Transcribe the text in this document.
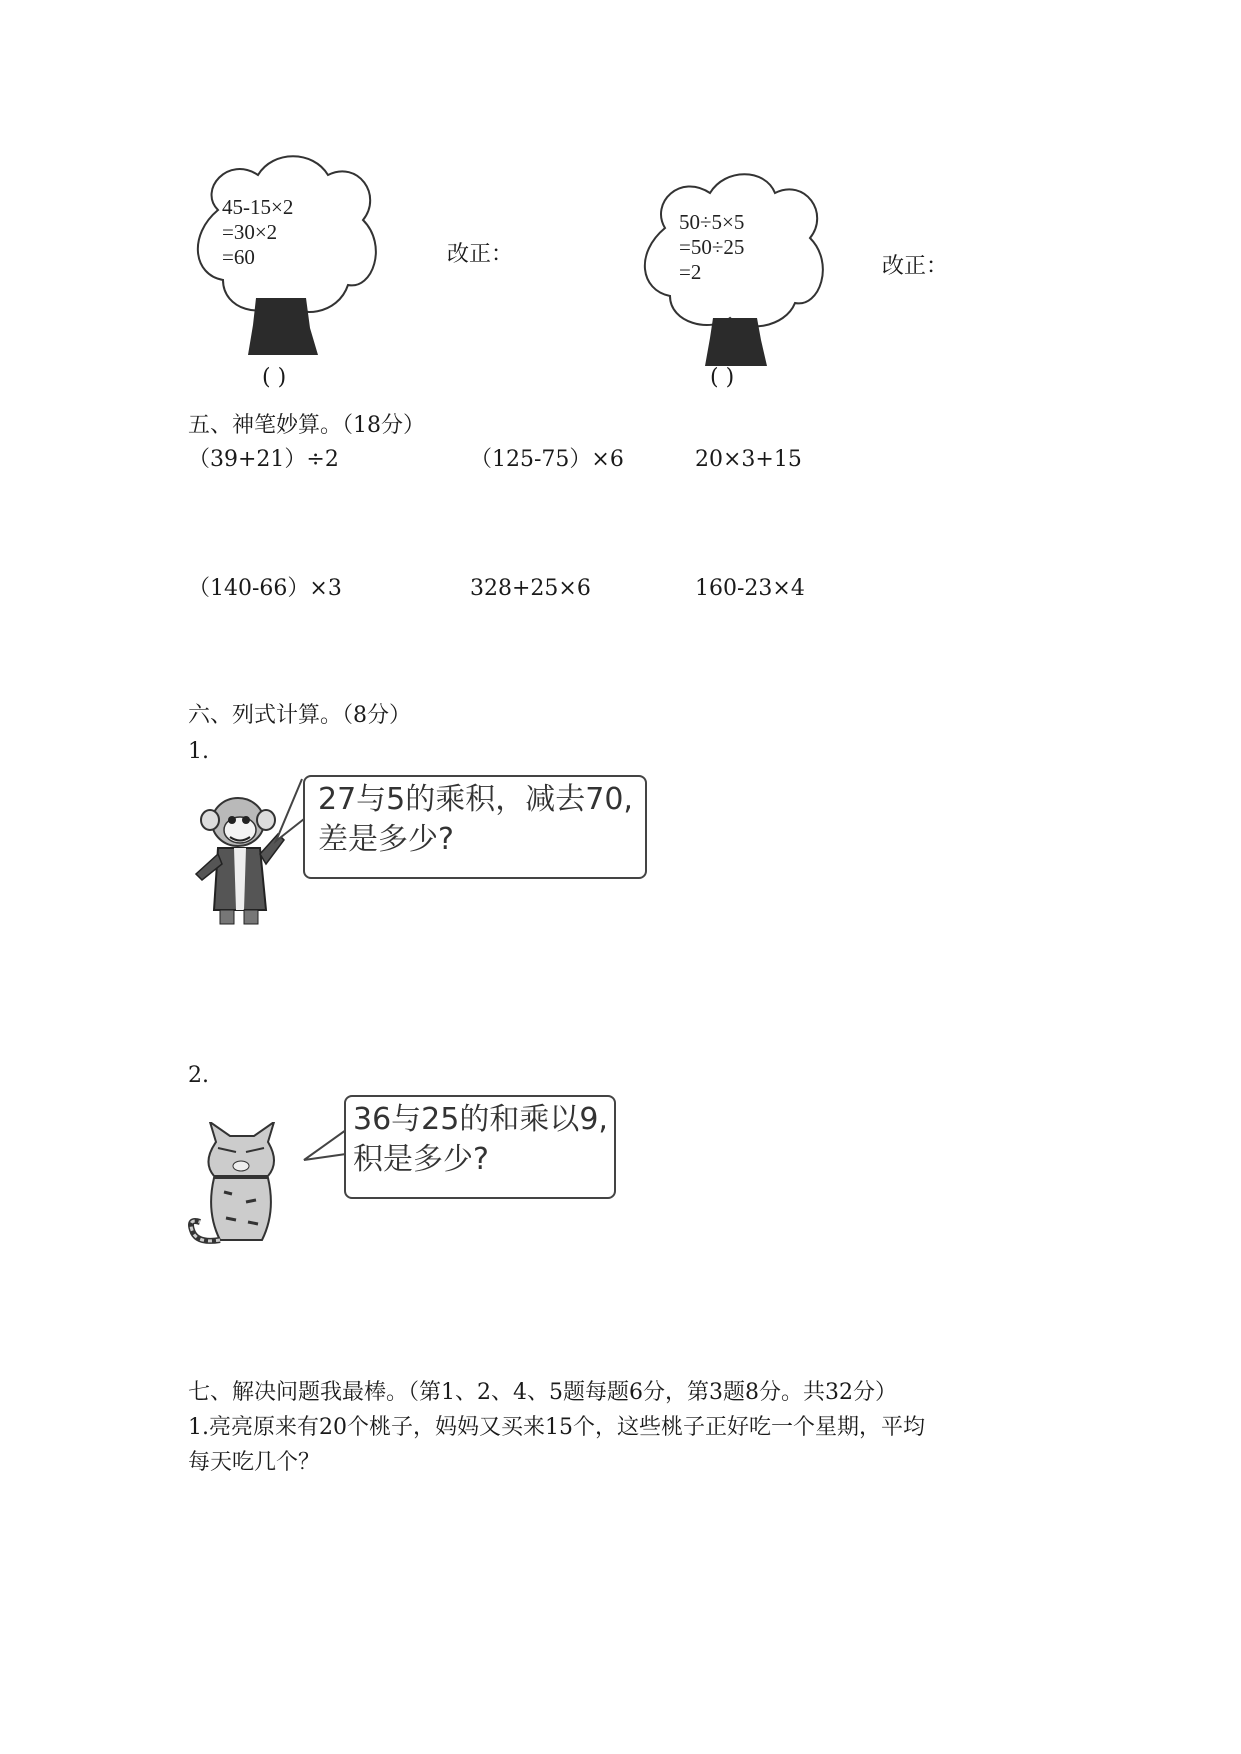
45-15×2
=30×2
=60
( )
改正：
50÷5×5
=50÷25
=2
( )
改正：
五、神笔妙算。（18分）
（39+21）÷2	（125-75）×6	20×3+15
（140-66）×3	328+25×6	160-23×4
六、列式计算。（8分）
1.
27与5的乘积，减去70,
差是多少?
2.
36与25的和乘以9,
积是多少?
七、解决问题我最棒。（第1、2、4、5题每题6分，第3题8分。共32分）
1.亮亮原来有20个桃子，妈妈又买来15个，这些桃子正好吃一个星期，平均
每天吃几个？
